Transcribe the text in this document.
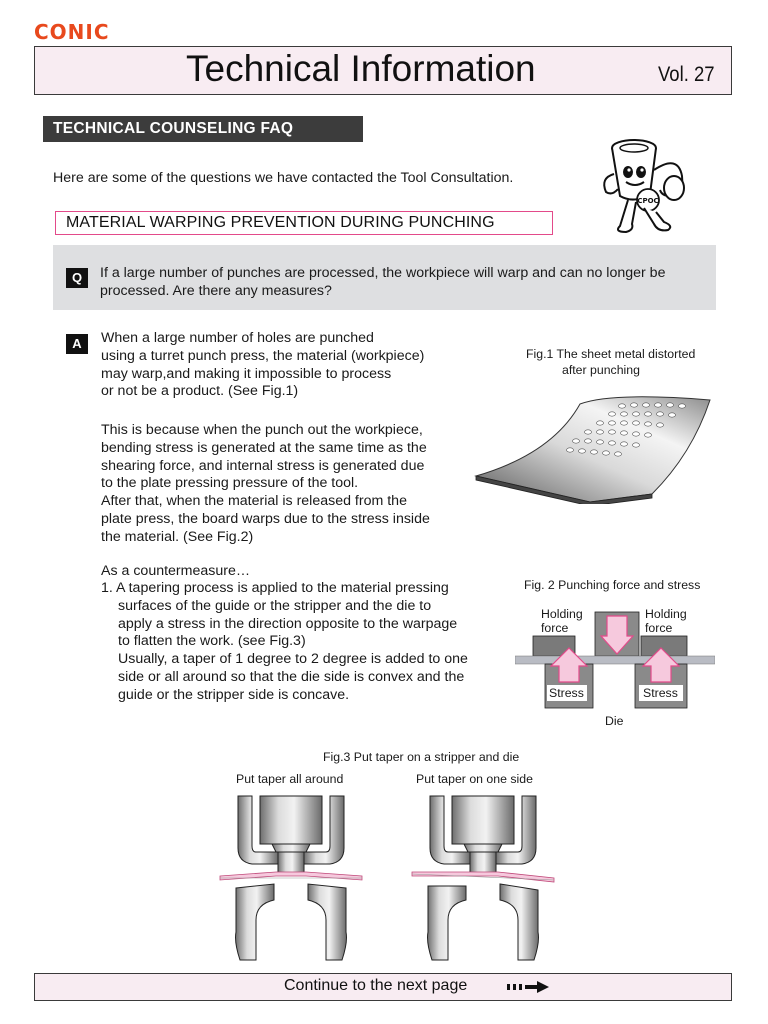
CONIC
Technical Information	Vol. 27
TECHNICAL COUNSELING FAQ
Here are some of the questions we have contacted the Tool Consultation.
CPOC
MATERIAL WARPING PREVENTION DURING PUNCHING
Q	If a large number of punches are processed, the workpiece will warp and can no longer be processed. Are there any measures?
A	When a large number of holes are punched
using a turret punch press, the material (workpiece)
may warp,and making it impossible to process
or not be a product. (See Fig.1)
This is because when the punch out the workpiece,
bending stress is generated at the same time as the
shearing force, and internal stress is generated due
to the plate pressing pressure of the tool.
After that, when the material is released from the
plate press, the board warps due to the stress inside
the material. (See Fig.2)
As a countermeasure…
1. A tapering process is applied to the material pressing
surfaces of the guide or the stripper and the die to
apply a stress in the direction opposite to the warpage
to flatten the work. (see Fig.3)
Usually, a taper of 1 degree to 2 degree is added to one
side or all around so that the die side is convex and the
guide or the stripper side is concave.
Fig.1 The sheet metal distorted
after punching
Fig. 2 Punching force and stress
Holding
force
Holding
force
Stress	Stress
Die
Fig.3 Put taper on a stripper and die
Put taper all around	Put taper on one side
Continue to the next page
